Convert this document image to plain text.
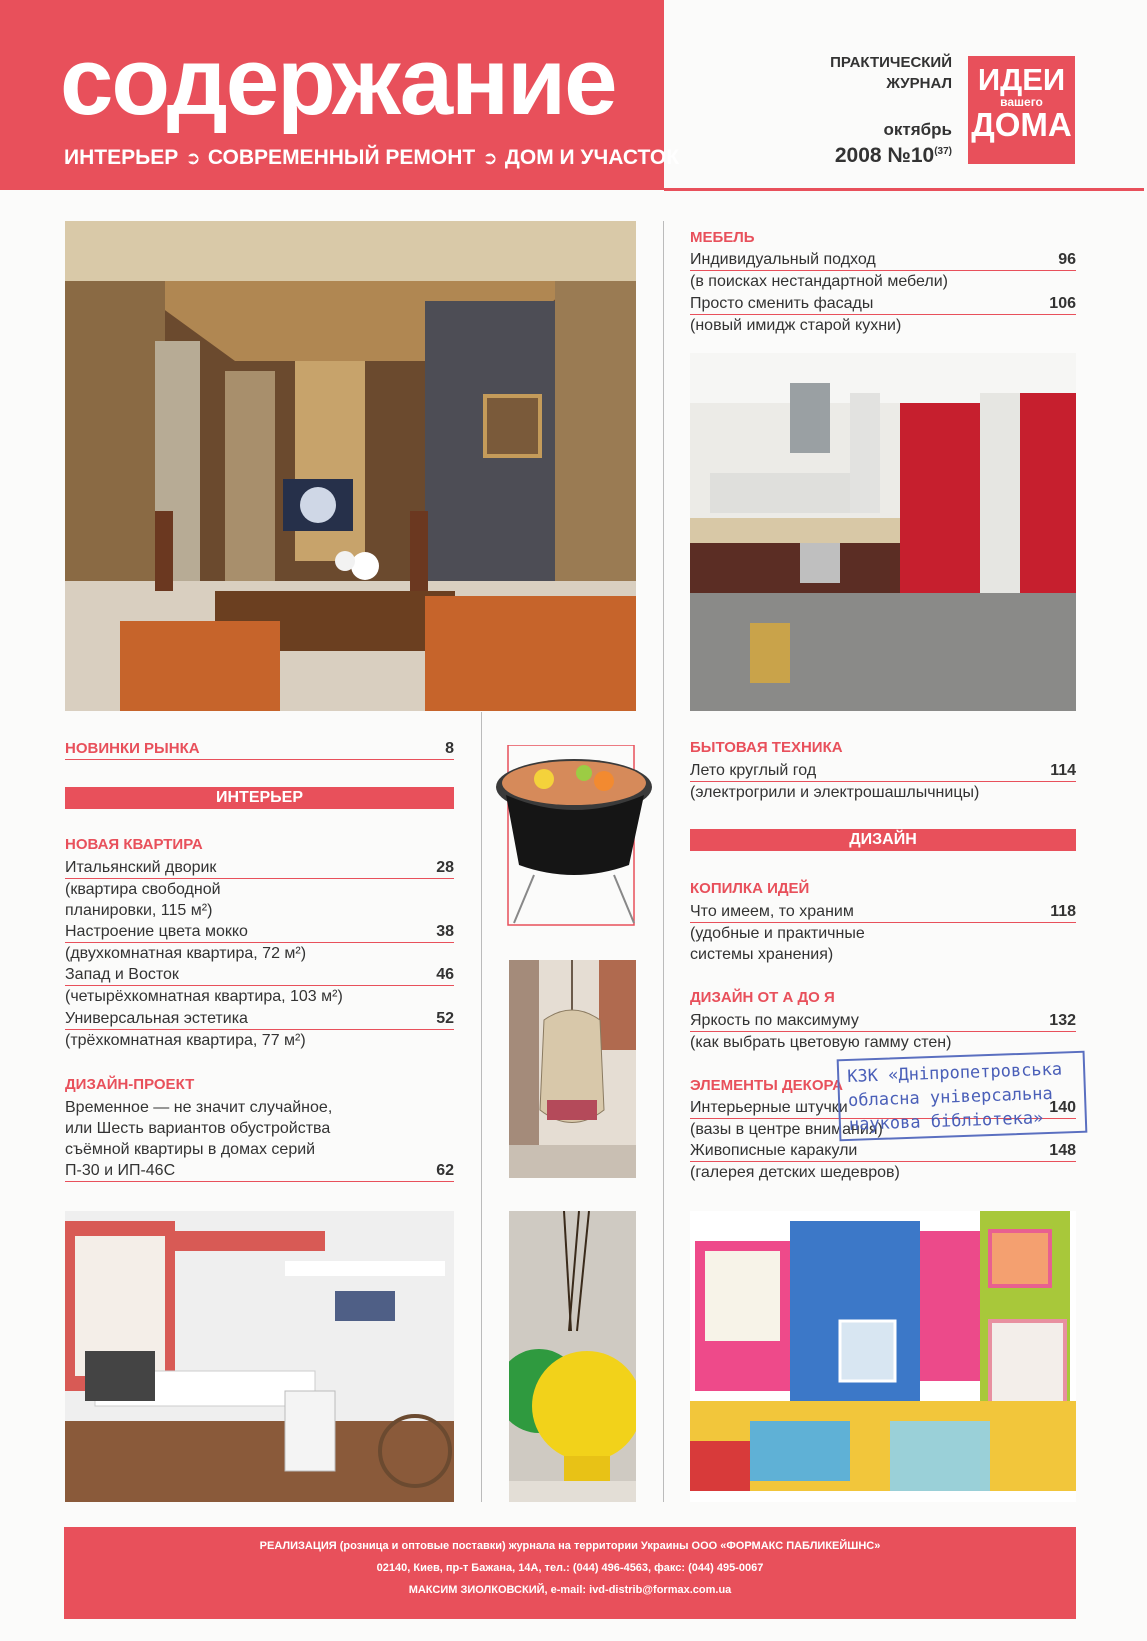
содержание
ИНТЕРЬЕР ➲ СОВРЕМЕННЫЙ РЕМОНТ ➲ ДОМ И УЧАСТОК
ПРАКТИЧЕСКИЙ
ЖУРНАЛ
октябрь
2008 №10$^{(37)}$
ИДЕИ
вашего
ДОМА
НОВИНКИ РЫНКА	8
ИНТЕРЬЕР
НОВАЯ КВАРТИРА
Итальянский дворик	28
(квартира свободной
планировки, 115 м²)
Настроение цвета мокко	38
(двухкомнатная квартира, 72 м²)
Запад и Восток	46
(четырёхкомнатная квартира, 103 м²)
Универсальная эстетика	52
(трёхкомнатная квартира, 77 м²)
ДИЗАЙН-ПРОЕКТ
Временное — не значит случайное,
или Шесть вариантов обустройства
съёмной квартиры в домах серий
П-30 и ИП-46С	62
МЕБЕЛЬ
Индивидуальный подход	96
(в поисках нестандартной мебели)
Просто сменить фасады	106
(новый имидж старой кухни)
БЫТОВАЯ ТЕХНИКА
Лето круглый год	114
(электрогрили и электрошашлычницы)
ДИЗАЙН
КОПИЛКА ИДЕЙ
Что имеем, то храним	118
(удобные и практичные
системы хранения)
ДИЗАЙН ОТ А ДО Я
Яркость по максимуму	132
(как выбрать цветовую гамму стен)
ЭЛЕМЕНТЫ ДЕКОРА
Интерьерные штучки	140
(вазы в центре внимания)
Живописные каракули	148
(галерея детских шедевров)
КЗК «Дніпропетровська
обласна універсальна
наукова бібліотека»
РЕАЛИЗАЦИЯ (розница и оптовые поставки) журнала на территории Украины ООО «ФОРМАКС ПАБЛИКЕЙШНС»
02140, Киев, пр-т Бажана, 14А, тел.: (044) 496-4563, факс: (044) 495-0067
МАКСИМ ЗИОЛКОВСКИЙ, e-mail: ivd-distrib@formax.com.ua
